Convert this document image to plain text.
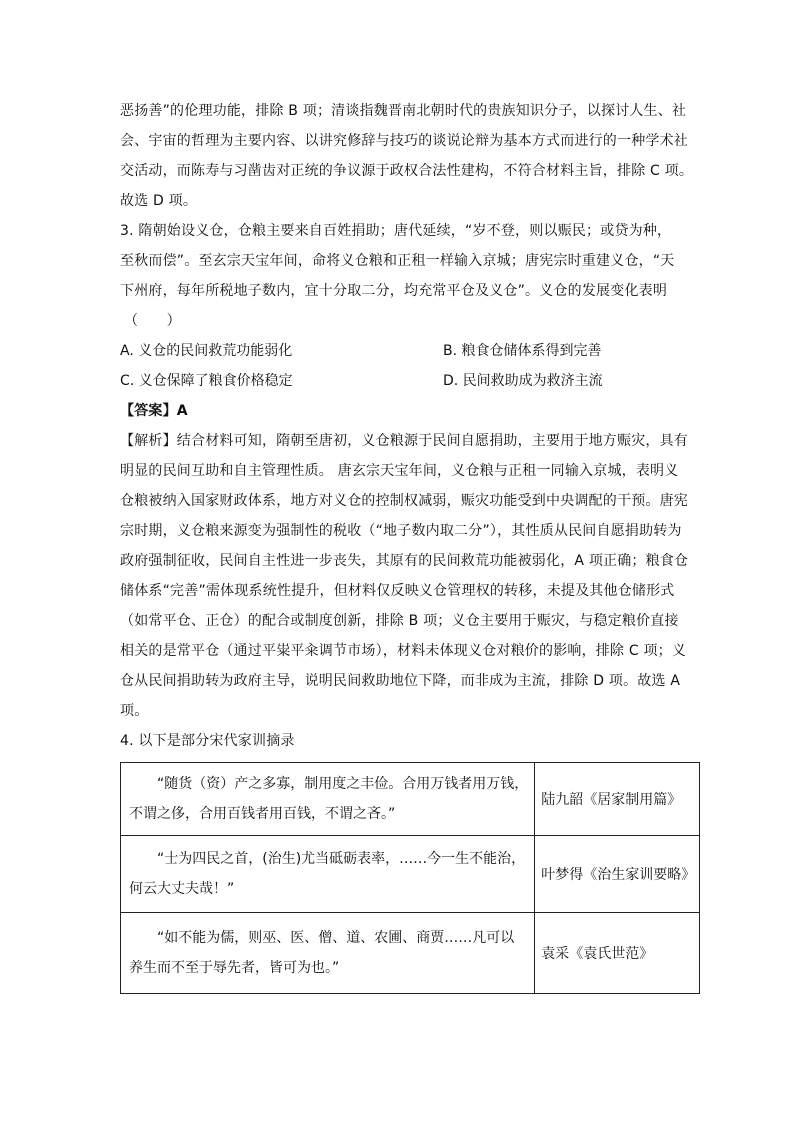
恶扬善”的伦理功能，排除 B 项；清谈指魏晋南北朝时代的贵族知识分子，以探讨人生、社
会、宇宙的哲理为主要内容、以讲究修辞与技巧的谈说论辩为基本方式而进行的一种学术社
交活动，而陈寿与习凿齿对正统的争议源于政权合法性建构，不符合材料主旨，排除 C 项。
故选 D 项。
3. 隋朝始设义仓，仓粮主要来自百姓捐助；唐代延续，“岁不登，则以赈民；或贷为种，
至秋而偿”。至玄宗天宝年间，命将义仓粮和正租一样输入京城；唐宪宗时重建义仓，“天
下州府，每年所税地子数内，宜十分取二分，均充常平仓及义仓”。义仓的发展变化表明
（　　）
A. 义仓的民间救荒功能弱化	B. 粮食仓储体系得到完善
C. 义仓保障了粮食价格稳定	D. 民间救助成为救济主流
【答案】A
【解析】结合材料可知，隋朝至唐初，义仓粮源于民间自愿捐助，主要用于地方赈灾，具有
明显的民间互助和自主管理性质。 唐玄宗天宝年间，义仓粮与正租一同输入京城，表明义
仓粮被纳入国家财政体系，地方对义仓的控制权减弱，赈灾功能受到中央调配的干预。唐宪
宗时期，义仓粮来源变为强制性的税收（“地子数内取二分”），其性质从民间自愿捐助转为
政府强制征收，民间自主性进一步丧失，其原有的民间救荒功能被弱化，A 项正确；粮食仓
储体系“完善”需体现系统性提升，但材料仅反映义仓管理权的转移，未提及其他仓储形式
（如常平仓、正仓）的配合或制度创新，排除 B 项；义仓主要用于赈灾，与稳定粮价直接
相关的是常平仓（通过平粜平籴调节市场），材料未体现义仓对粮价的影响，排除 C 项；义
仓从民间捐助转为政府主导，说明民间救助地位下降，而非成为主流，排除 D 项。故选 A
项。
4. 以下是部分宋代家训摘录
“随货（资）产之多寡，制用度之丰俭。合用万钱者用万钱，
不谓之侈，合用百钱者用百钱，不谓之吝。”	陆九韶《居家制用篇》

“士为四民之首，(治生)尤当砥砺表率，……今一生不能治，
何云大丈夫哉！”	叶梦得《治生家训要略》

“如不能为儒，则巫、医、僧、道、农圃、商贾……凡可以
养生而不至于辱先者，皆可为也。”	袁采《袁氏世范》
